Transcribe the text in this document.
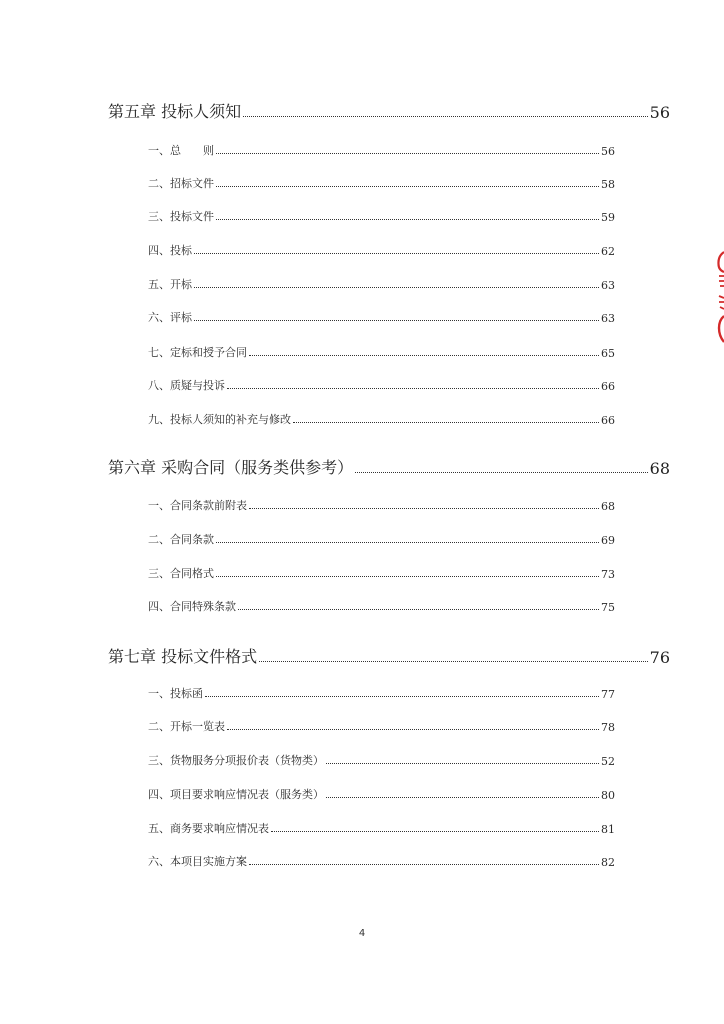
第五章 投标人须知	56
一、总　　则	56
二、招标文件	58
三、投标文件	59
四、投标	62
五、开标	63
六、评标	63
七、定标和授予合同	65
八、质疑与投诉	66
九、投标人须知的补充与修改	66
第六章 采购合同（服务类供参考）	68
一、合同条款前附表	68
二、合同条款	69
三、合同格式	73
四、合同特殊条款	75
第七章 投标文件格式	76
一、投标函	77
二、开标一览表	78
三、货物服务分项报价表（货物类）	52
四、项目要求响应情况表（服务类）	80
五、商务要求响应情况表	81
六、本项目实施方案	82
4
